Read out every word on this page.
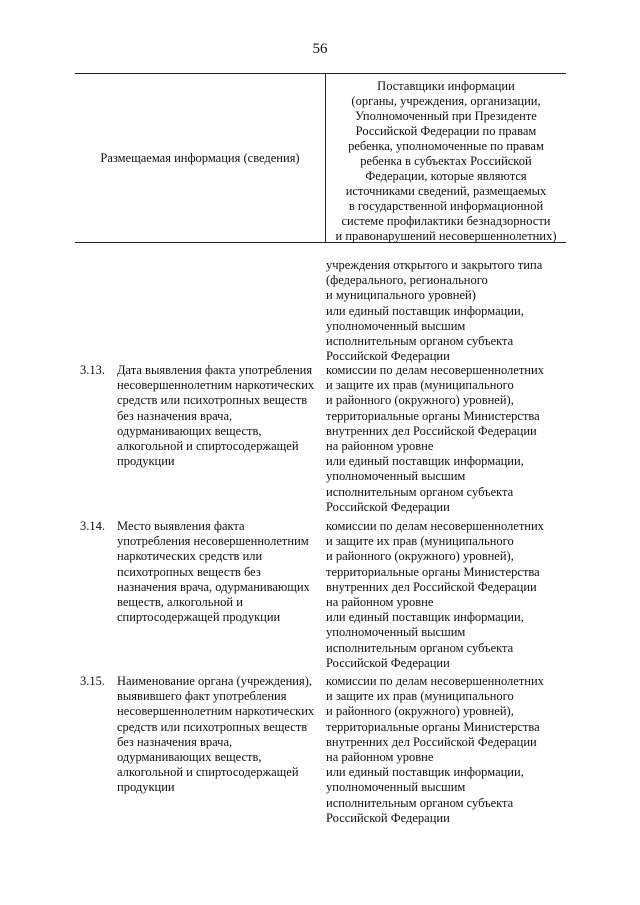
56
Размещаемая информация (сведения)
Поставщики информации
(органы, учреждения, организации,
Уполномоченный при Президенте
Российской Федерации по правам
ребенка, уполномоченные по правам
ребенка в субъектах Российской
Федерации, которые являются
источниками сведений, размещаемых
в государственной информационной
системе профилактики безнадзорности
и правонарушений несовершеннолетних)
учреждения открытого и закрытого типа
(федерального, регионального
и муниципального уровней)
или единый поставщик информации,
уполномоченный высшим
исполнительным органом субъекта
Российской Федерации
3.13. Дата выявления факта употребления
несовершеннолетним наркотических
средств или психотропных веществ
без назначения врача,
одурманивающих веществ,
алкогольной и спиртосодержащей
продукции
комиссии по делам несовершеннолетних
и защите их прав (муниципального
и районного (окружного) уровней),
территориальные органы Министерства
внутренних дел Российской Федерации
на районном уровне
или единый поставщик информации,
уполномоченный высшим
исполнительным органом субъекта
Российской Федерации
3.14. Место выявления факта
употребления несовершеннолетним
наркотических средств или
психотропных веществ без
назначения врача, одурманивающих
веществ, алкогольной и
спиртосодержащей продукции
комиссии по делам несовершеннолетних
и защите их прав (муниципального
и районного (окружного) уровней),
территориальные органы Министерства
внутренних дел Российской Федерации
на районном уровне
или единый поставщик информации,
уполномоченный высшим
исполнительным органом субъекта
Российской Федерации
3.15. Наименование органа (учреждения),
выявившего факт употребления
несовершеннолетним наркотических
средств или психотропных веществ
без назначения врача,
одурманивающих веществ,
алкогольной и спиртосодержащей
продукции
комиссии по делам несовершеннолетних
и защите их прав (муниципального
и районного (окружного) уровней),
территориальные органы Министерства
внутренних дел Российской Федерации
на районном уровне
или единый поставщик информации,
уполномоченный высшим
исполнительным органом субъекта
Российской Федерации
